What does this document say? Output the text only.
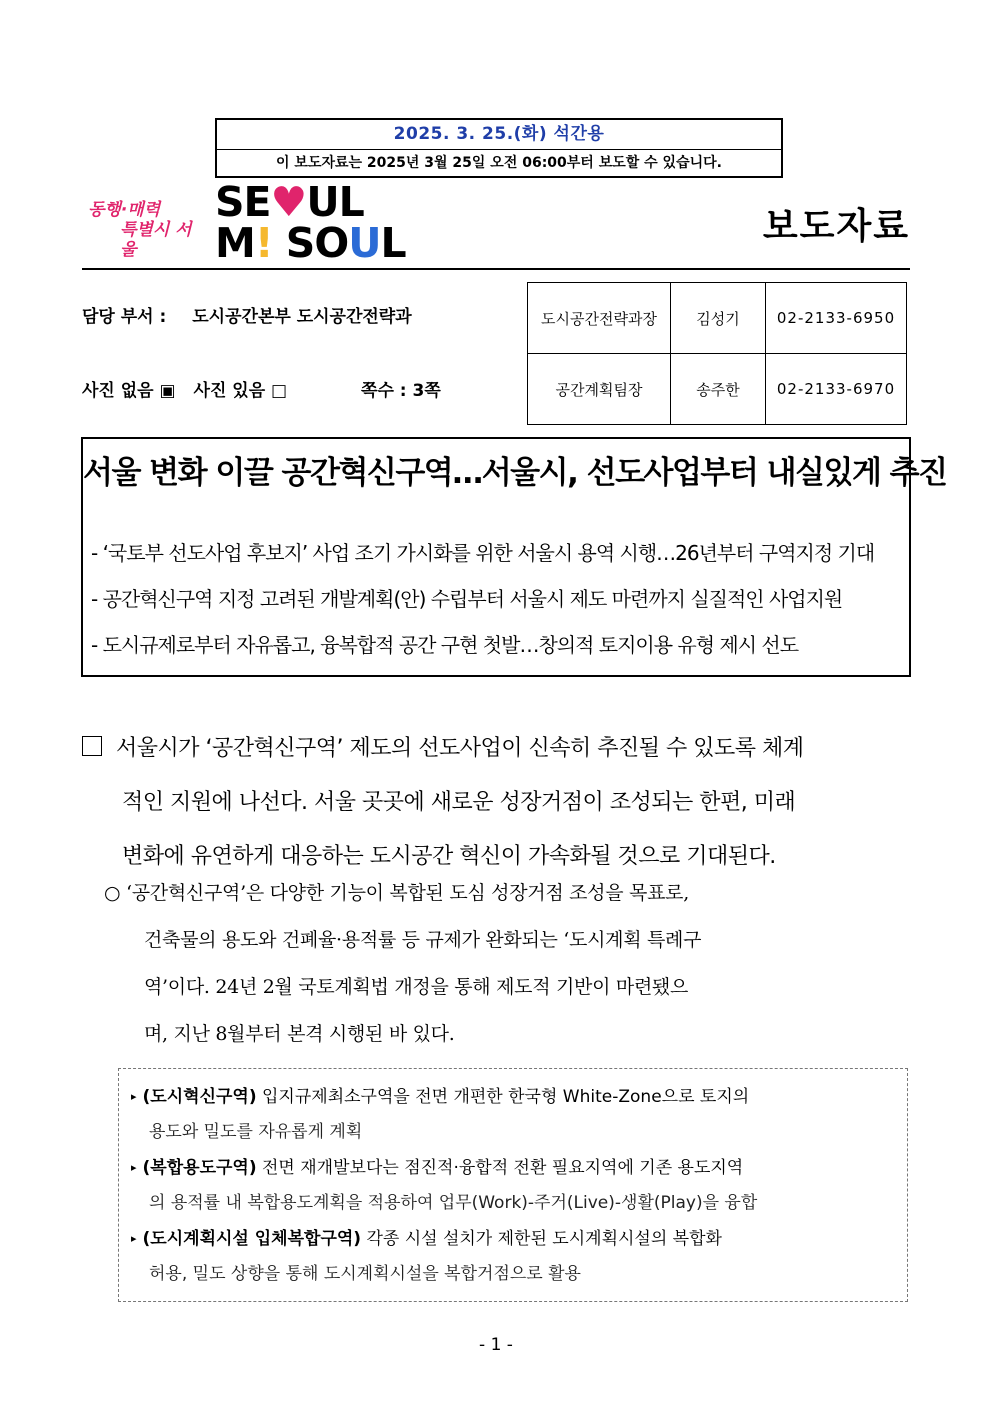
2025. 3. 25.(화) 석간용
이 보도자료는 2025년 3월 25일 오전 06:00부터 보도할 수 있습니다.
동행·매력
특별시 서울
SE♥UL
M! SOUL	보도자료
담당 부서 : 도시공간본부 도시공간전략과
사진 없음 ▣ 사진 있음 □	쪽수 : 3쪽
도시공간전략과장	김성기	02-2133-6950
공간계획팀장	송주한	02-2133-6970
서울 변화 이끌 공간혁신구역…서울시, 선도사업부터 내실있게 추진
- ‘국토부 선도사업 후보지’ 사업 조기 가시화를 위한 서울시 용역 시행…26년부터 구역지정 기대
- 공간혁신구역 지정 고려된 개발계획(안) 수립부터 서울시 제도 마련까지 실질적인 사업지원
- 도시규제로부터 자유롭고, 융복합적 공간 구현 첫발…창의적 토지이용 유형 제시 선도
서울시가 ‘공간혁신구역’ 제도의 선도사업이 신속히 추진될 수 있도록 체계
적인 지원에 나선다. 서울 곳곳에 새로운 성장거점이 조성되는 한편, 미래
변화에 유연하게 대응하는 도시공간 혁신이 가속화될 것으로 기대된다.
○ ‘공간혁신구역’은 다양한 기능이 복합된 도심 성장거점 조성을 목표로,
건축물의 용도와 건폐율·용적률 등 규제가 완화되는 ‘도시계획 특례구
역’이다. 24년 2월 국토계획법 개정을 통해 제도적 기반이 마련됐으
며, 지난 8월부터 본격 시행된 바 있다.
▸ (도시혁신구역) 입지규제최소구역을 전면 개편한 한국형 White-Zone으로 토지의
용도와 밀도를 자유롭게 계획
▸ (복합용도구역) 전면 재개발보다는 점진적·융합적 전환 필요지역에 기존 용도지역
의 용적률 내 복합용도계획을 적용하여 업무(Work)-주거(Live)-생활(Play)을 융합
▸ (도시계획시설 입체복합구역) 각종 시설 설치가 제한된 도시계획시설의 복합화
허용, 밀도 상향을 통해 도시계획시설을 복합거점으로 활용
- 1 -
